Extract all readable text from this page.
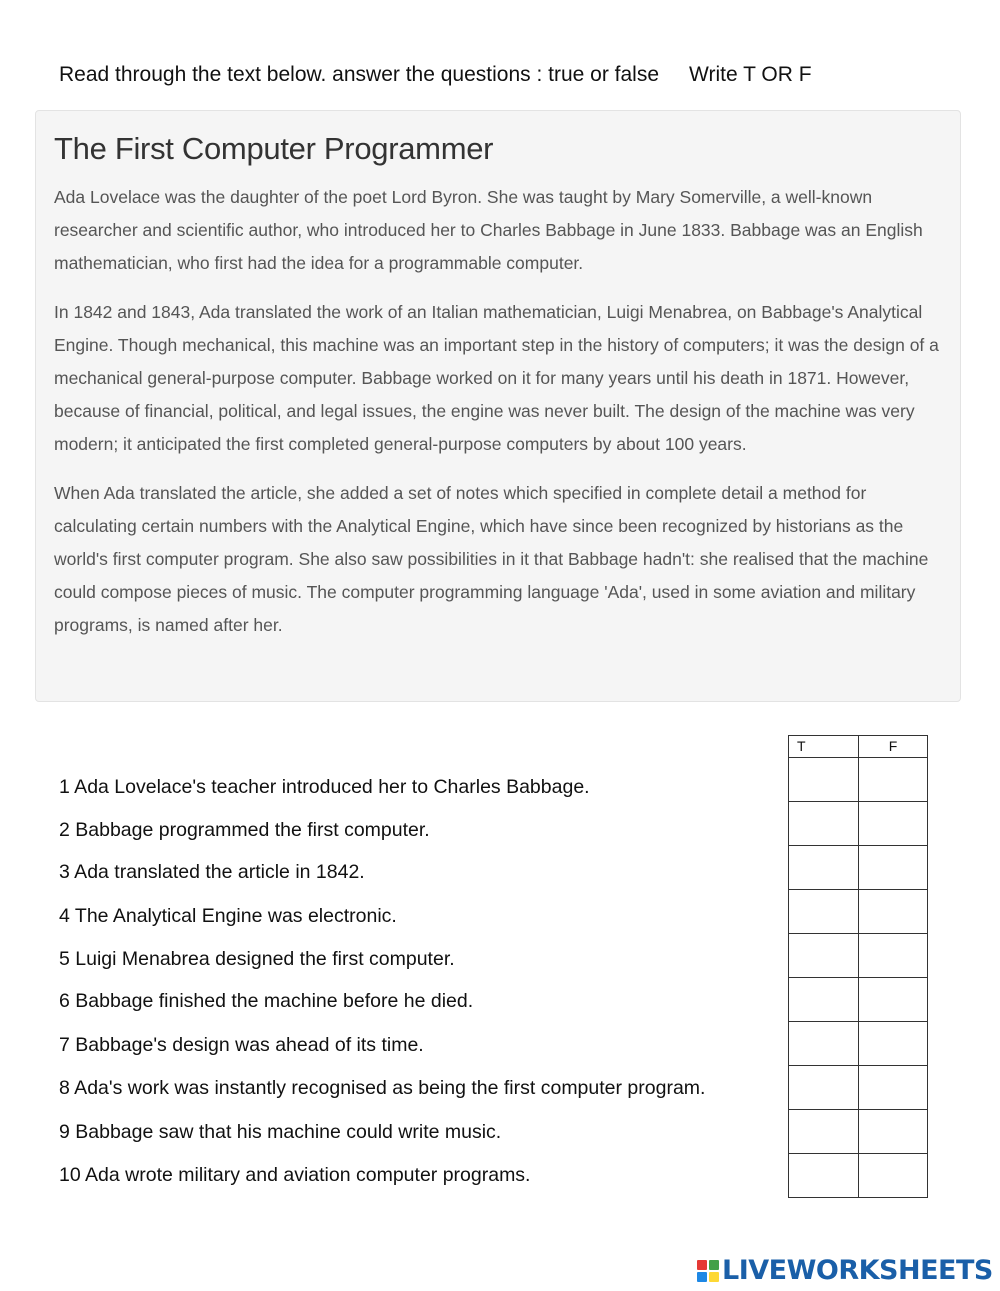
Read through the text below. answer the questions : true or false Write T OR F
The First Computer Programmer

Ada Lovelace was the daughter of the poet Lord Byron. She was taught by Mary Somerville, a well-known researcher and scientific author, who introduced her to Charles Babbage in June 1833. Babbage was an English mathematician, who first had the idea for a programmable computer.

In 1842 and 1843, Ada translated the work of an Italian mathematician, Luigi Menabrea, on Babbage's Analytical Engine. Though mechanical, this machine was an important step in the history of computers; it was the design of a mechanical general-purpose computer. Babbage worked on it for many years until his death in 1871. However, because of financial, political, and legal issues, the engine was never built. The design of the machine was very modern; it anticipated the first completed general-purpose computers by about 100 years.

When Ada translated the article, she added a set of notes which specified in complete detail a method for calculating certain numbers with the Analytical Engine, which have since been recognized by historians as the world's first computer program. She also saw possibilities in it that Babbage hadn't: she realised that the machine could compose pieces of music. The computer programming language 'Ada', used in some aviation and military programs, is named after her.

1 Ada Lovelace's teacher introduced her to Charles Babbage.
2 Babbage programmed the first computer.
3 Ada translated the article in 1842.
4 The Analytical Engine was electronic.
5 Luigi Menabrea designed the first computer.
6 Babbage finished the machine before he died.
7 Babbage's design was ahead of its time.
8 Ada's work was instantly recognised as being the first computer program.
9 Babbage saw that his machine could write music.
10 Ada wrote military and aviation computer programs.
T	F

LIVEWORKSHEETS
